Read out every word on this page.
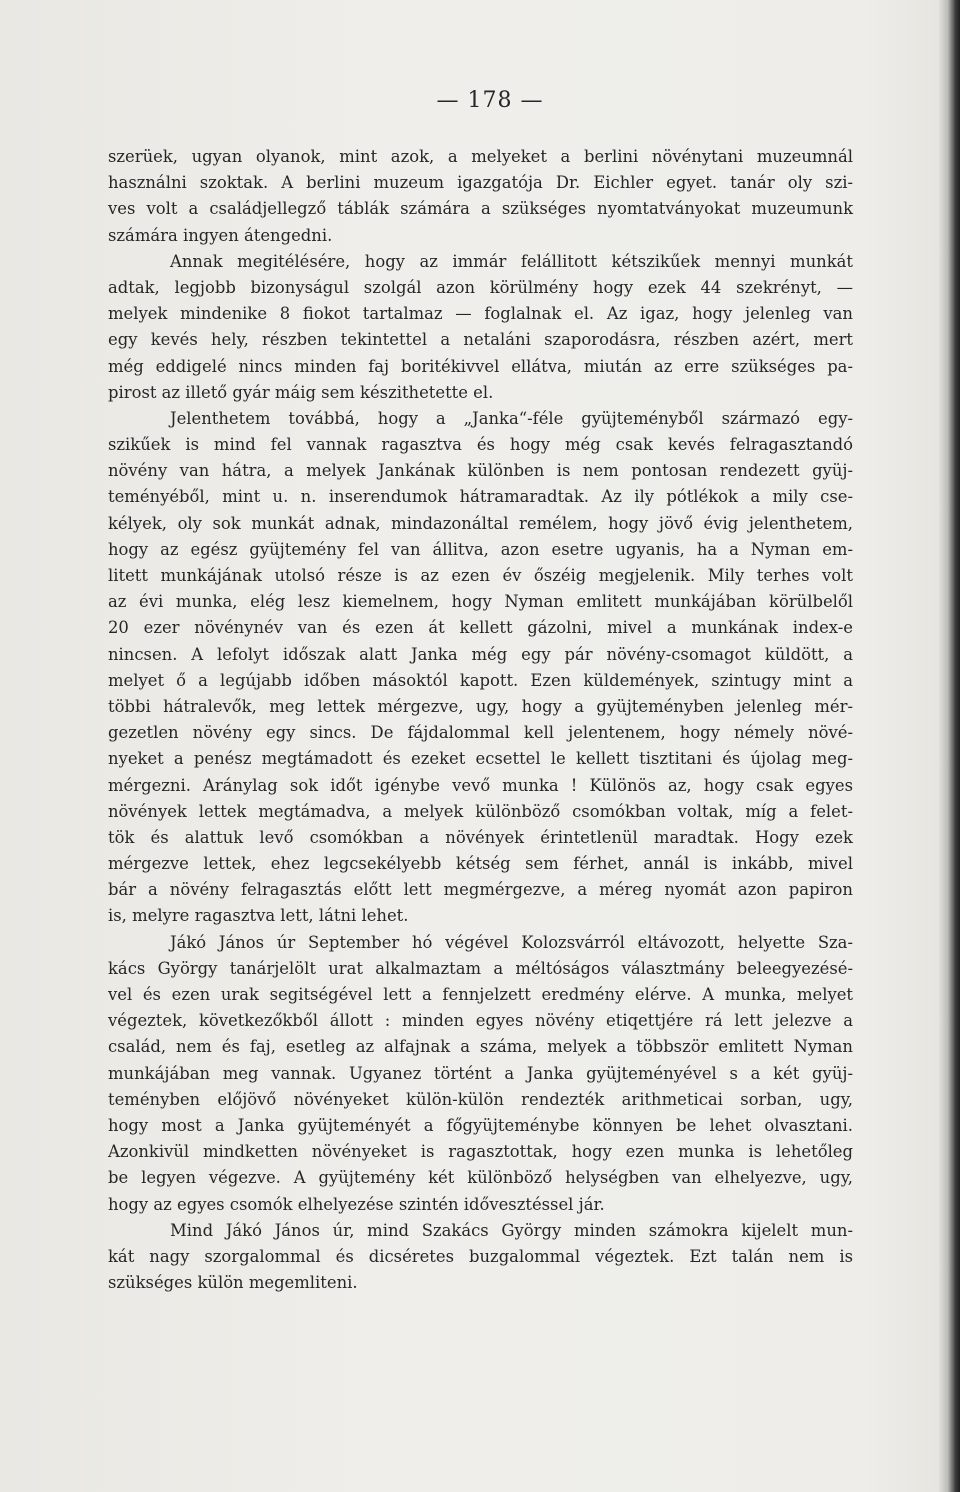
— 178 —
szerüek, ugyan olyanok, mint azok, a melyeket a berlini növénytani muzeumnál
használni szoktak. A berlini muzeum igazgatója Dr. Eichler egyet. tanár oly szi-
ves volt a családjellegző táblák számára a szükséges nyomtatványokat muzeumunk
számára ingyen átengedni.
Annak megitélésére, hogy az immár felállitott kétszikűek mennyi munkát
adtak, legjobb bizonyságul szolgál azon körülmény hogy ezek 44 szekrényt, —
melyek mindenike 8 fiokot tartalmaz — foglalnak el. Az igaz, hogy jelenleg van
egy kevés hely, részben tekintettel a netaláni szaporodásra, részben azért, mert
még eddigelé nincs minden faj boritékivvel ellátva, miután az erre szükséges pa-
pirost az illető gyár máig sem készithetette el.
Jelenthetem továbbá, hogy a „Janka“-féle gyüjteményből származó egy-
szikűek is mind fel vannak ragasztva és hogy még csak kevés felragasztandó
növény van hátra, a melyek Jankának különben is nem pontosan rendezett gyüj-
teményéből, mint u. n. inserendumok hátramaradtak. Az ily pótlékok a mily cse-
kélyek, oly sok munkát adnak, mindazonáltal remélem, hogy jövő évig jelenthetem,
hogy az egész gyüjtemény fel van állitva, azon esetre ugyanis, ha a Nyman em-
litett munkájának utolsó része is az ezen év őszéig megjelenik. Mily terhes volt
az évi munka, elég lesz kiemelnem, hogy Nyman emlitett munkájában körülbelől
20 ezer növénynév van és ezen át kellett gázolni, mivel a munkának index-e
nincsen. A lefolyt időszak alatt Janka még egy pár növény-csomagot küldött, a
melyet ő a legújabb időben másoktól kapott. Ezen küldemények, szintugy mint a
többi hátralevők, meg lettek mérgezve, ugy, hogy a gyüjteményben jelenleg mér-
gezetlen növény egy sincs. De fájdalommal kell jelentenem, hogy némely növé-
nyeket a penész megtámadott és ezeket ecsettel le kellett tisztitani és újolag meg-
mérgezni. Aránylag sok időt igénybe vevő munka ! Különös az, hogy csak egyes
növények lettek megtámadva, a melyek különböző csomókban voltak, míg a felet-
tök és alattuk levő csomókban a növények érintetlenül maradtak. Hogy ezek
mérgezve lettek, ehez legcsekélyebb kétség sem férhet, annál is inkább, mivel
bár a növény felragasztás előtt lett megmérgezve, a méreg nyomát azon papiron
is, melyre ragasztva lett, látni lehet.
Jákó János úr September hó végével Kolozsvárról eltávozott, helyette Sza-
kács György tanárjelölt urat alkalmaztam a méltóságos választmány beleegyezésé-
vel és ezen urak segitségével lett a fennjelzett eredmény elérve. A munka, melyet
végeztek, következőkből állott : minden egyes növény etiqettjére rá lett jelezve a
család, nem és faj, esetleg az alfajnak a száma, melyek a többször emlitett Nyman
munkájában meg vannak. Ugyanez történt a Janka gyüjteményével s a két gyüj-
teményben előjövő növényeket külön-külön rendezték arithmeticai sorban, ugy,
hogy most a Janka gyüjteményét a főgyüjteménybe könnyen be lehet olvasztani.
Azonkivül mindketten növényeket is ragasztottak, hogy ezen munka is lehetőleg
be legyen végezve. A gyüjtemény két különböző helységben van elhelyezve, ugy,
hogy az egyes csomók elhelyezése szintén idővesztéssel jár.
Mind Jákó János úr, mind Szakács György minden számokra kijelelt mun-
kát nagy szorgalommal és dicséretes buzgalommal végeztek. Ezt talán nem is
szükséges külön megemliteni.
